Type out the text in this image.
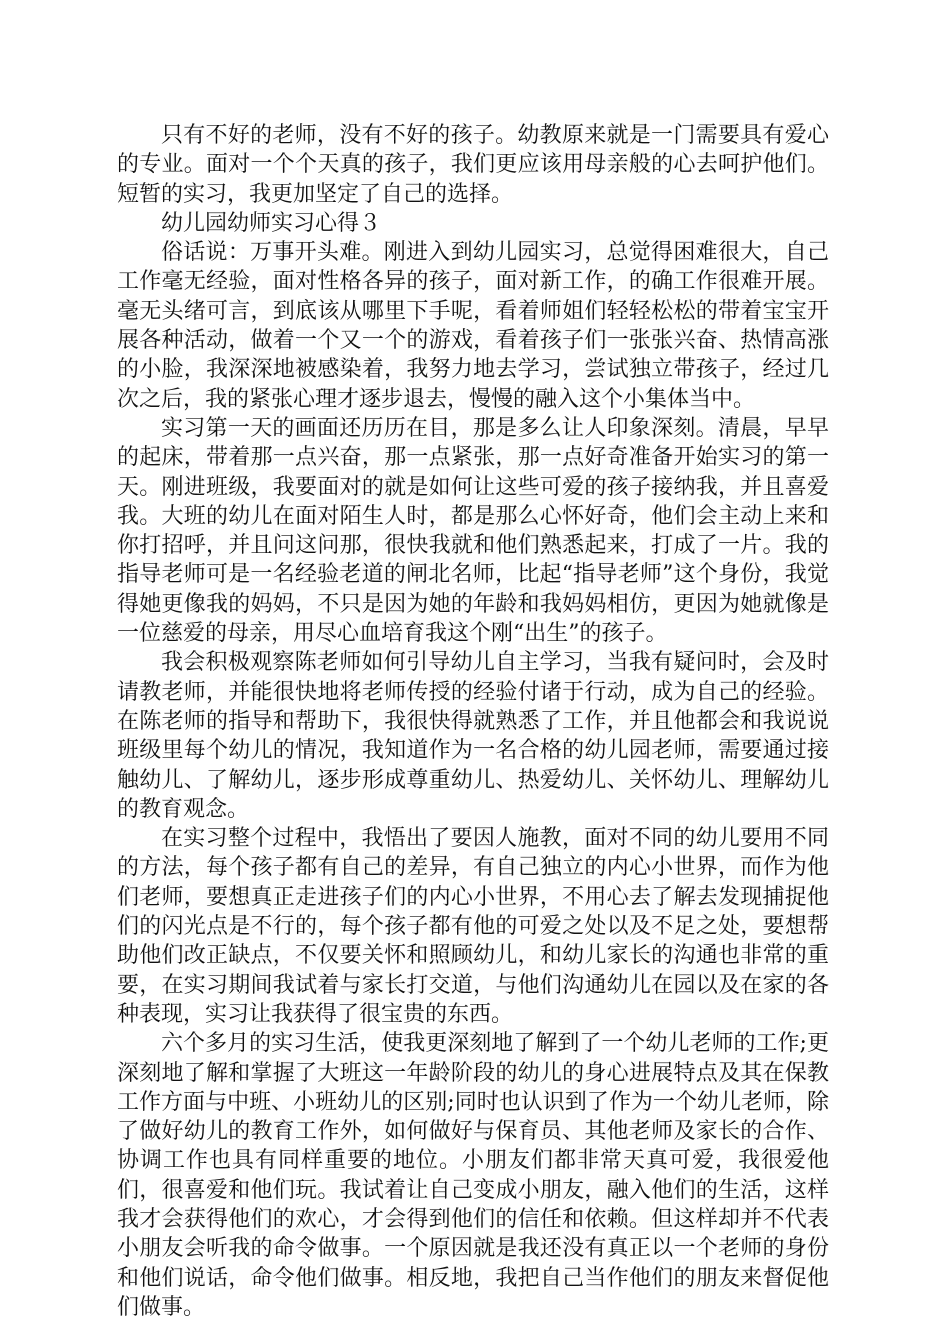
只有不好的老师，没有不好的孩子。幼教原来就是一门需要具有爱心的专业。面对一个个天真的孩子，我们更应该用母亲般的心去呵护他们。短暂的实习，我更加坚定了自己的选择。

幼儿园幼师实习心得３

俗话说：万事开头难。刚进入到幼儿园实习，总觉得困难很大，自己工作毫无经验，面对性格各异的孩子，面对新工作，的确工作很难开展。毫无头绪可言，到底该从哪里下手呢，看着师姐们轻轻松松的带着宝宝开展各种活动，做着一个又一个的游戏，看着孩子们一张张兴奋、热情高涨的小脸，我深深地被感染着，我努力地去学习，尝试独立带孩子，经过几次之后，我的紧张心理才逐步退去，慢慢的融入这个小集体当中。

实习第一天的画面还历历在目，那是多么让人印象深刻。清晨，早早的起床，带着那一点兴奋，那一点紧张，那一点好奇准备开始实习的第一天。刚进班级，我要面对的就是如何让这些可爱的孩子接纳我，并且喜爱我。大班的幼儿在面对陌生人时，都是那么心怀好奇，他们会主动上来和你打招呼，并且问这问那，很快我就和他们熟悉起来，打成了一片。我的指导老师可是一名经验老道的闸北名师，比起“指导老师”这个身份，我觉得她更像我的妈妈，不只是因为她的年龄和我妈妈相仿，更因为她就像是一位慈爱的母亲，用尽心血培育我这个刚“出生”的孩子。

我会积极观察陈老师如何引导幼儿自主学习，当我有疑问时，会及时请教老师，并能很快地将老师传授的经验付诸于行动，成为自己的经验。在陈老师的指导和帮助下，我很快得就熟悉了工作，并且他都会和我说说班级里每个幼儿的情况，我知道作为一名合格的幼儿园老师，需要通过接触幼儿、了解幼儿，逐步形成尊重幼儿、热爱幼儿、关怀幼儿、理解幼儿的教育观念。

在实习整个过程中，我悟出了要因人施教，面对不同的幼儿要用不同的方法，每个孩子都有自己的差异，有自己独立的内心小世界，而作为他们老师，要想真正走进孩子们的内心小世界，不用心去了解去发现捕捉他们的闪光点是不行的，每个孩子都有他的可爱之处以及不足之处，要想帮助他们改正缺点，不仅要关怀和照顾幼儿，和幼儿家长的沟通也非常的重要，在实习期间我试着与家长打交道，与他们沟通幼儿在园以及在家的各种表现，实习让我获得了很宝贵的东西。

六个多月的实习生活，使我更深刻地了解到了一个幼儿老师的工作;更深刻地了解和掌握了大班这一年龄阶段的幼儿的身心进展特点及其在保教工作方面与中班、小班幼儿的区别;同时也认识到了作为一个幼儿老师，除了做好幼儿的教育工作外，如何做好与保育员、其他老师及家长的合作、协调工作也具有同样重要的地位。小朋友们都非常天真可爱，我很爱他们，很喜爱和他们玩。我试着让自己变成小朋友，融入他们的生活，这样我才会获得他们的欢心，才会得到他们的信任和依赖。但这样却并不代表小朋友会听我的命令做事。一个原因就是我还没有真正以一个老师的身份和他们说话，命令他们做事。相反地，我把自己当作他们的朋友来督促他们做事。
